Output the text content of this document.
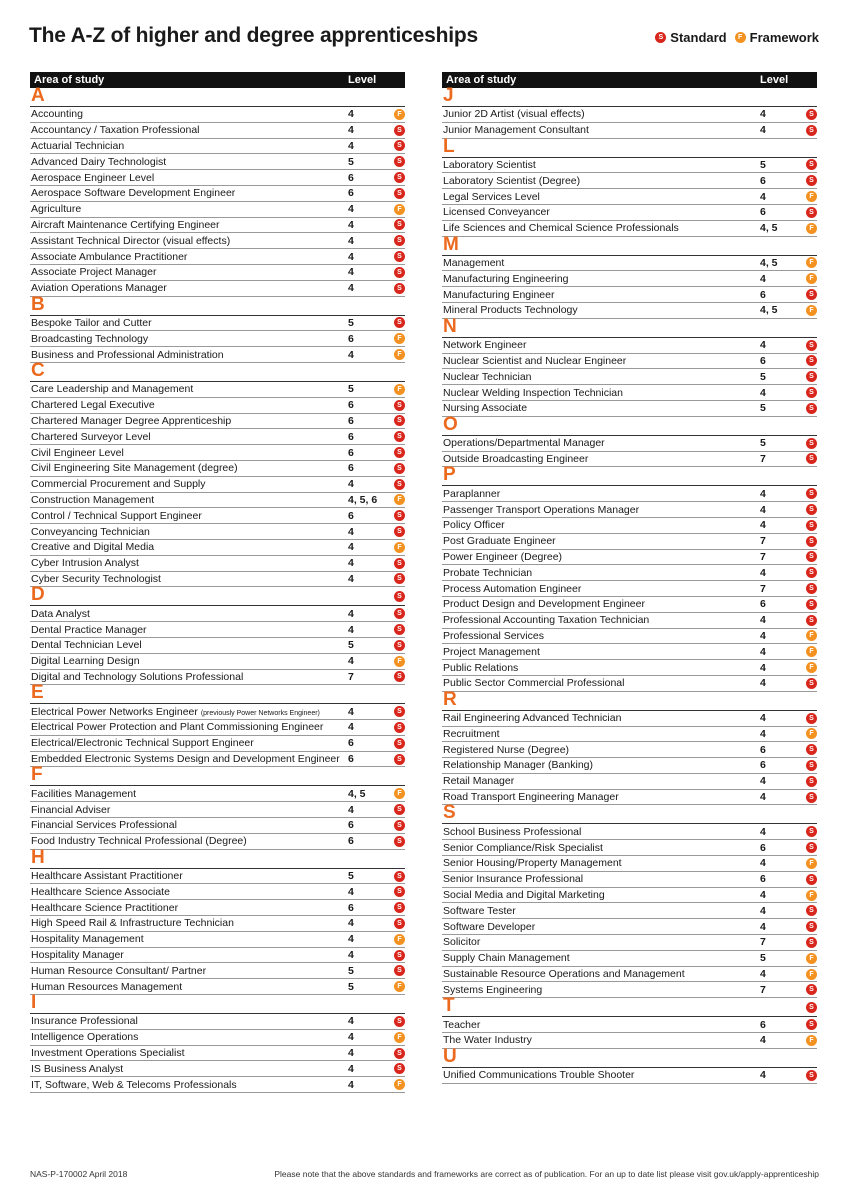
The A-Z of higher and degree apprenticeships	S Standard	F Framework
Area of study	Level
A
Accounting	4	F
Accountancy / Taxation Professional	4	S
Actuarial Technician	4	S
Advanced Dairy Technologist	5	S
Aerospace Engineer Level	6	S
Aerospace Software Development Engineer	6	S
Agriculture	4	F
Aircraft Maintenance Certifying Engineer	4	S
Assistant Technical Director (visual effects)	4	S
Associate Ambulance Practitioner	4	S
Associate Project Manager	4	S
Aviation Operations Manager	4	S
B
Bespoke Tailor and Cutter	5	S
Broadcasting Technology	6	F
Business and Professional Administration	4	F
C
Care Leadership and Management	5	F
Chartered Legal Executive	6	S
Chartered Manager Degree Apprenticeship	6	S
Chartered Surveyor Level	6	S
Civil Engineer Level	6	S
Civil Engineering Site Management (degree)	6	S
Commercial Procurement and Supply	4	S
Construction Management	4, 5, 6	F
Control / Technical Support Engineer	6	S
Conveyancing Technician	4	S
Creative and Digital Media	4	F
Cyber Intrusion Analyst	4	S
Cyber Security Technologist	4	S
D	S
Data Analyst	4	S
Dental Practice Manager	4	S
Dental Technician Level	5	S
Digital Learning Design	4	F
Digital and Technology Solutions Professional	7	S
E
Electrical Power Networks Engineer (previously Power Networks Engineer)	4	S
Electrical Power Protection and Plant Commissioning Engineer	4	S
Electrical/Electronic Technical Support Engineer	6	S
Embedded Electronic Systems Design and Development Engineer 6	S
F
Facilities Management	4, 5	F
Financial Adviser	4	S
Financial Services Professional	6	S
Food Industry Technical Professional (Degree)	6	S
H
Healthcare Assistant Practitioner	5	S
Healthcare Science Associate	4	S
Healthcare Science Practitioner	6	S
High Speed Rail & Infrastructure Technician	4	S
Hospitality Management	4	F
Hospitality Manager	4	S
Human Resource Consultant/ Partner	5	S
Human Resources Management	5	F
I
Insurance Professional	4	S
Intelligence Operations	4	F
Investment Operations Specialist	4	S
IS Business Analyst	4	S
IT, Software, Web & Telecoms Professionals	4	F
Area of study	Level
J
Junior 2D Artist (visual effects)	4	S
Junior Management Consultant	4	S
L
Laboratory Scientist	5	S
Laboratory Scientist (Degree)	6	S
Legal Services Level	4	F
Licensed Conveyancer	6	S
Life Sciences and Chemical Science Professionals	4, 5	F
M
Management	4, 5	F
Manufacturing Engineering	4	F
Manufacturing Engineer	6	S
Mineral Products Technology	4, 5	F
N
Network Engineer	4	S
Nuclear Scientist and Nuclear Engineer	6	S
Nuclear Technician	5	S
Nuclear Welding Inspection Technician	4	S
Nursing Associate	5	S
O
Operations/Departmental Manager	5	S
Outside Broadcasting Engineer	7	S
P
Paraplanner	4	S
Passenger Transport Operations Manager	4	S
Policy Officer	4	S
Post Graduate Engineer	7	S
Power Engineer (Degree)	7	S
Probate Technician	4	S
Process Automation Engineer	7	S
Product Design and Development Engineer	6	S
Professional Accounting Taxation Technician	4	S
Professional Services	4	F
Project Management	4	F
Public Relations	4	F
Public Sector Commercial Professional	4	S
R
Rail Engineering Advanced Technician	4	S
Recruitment	4	F
Registered Nurse (Degree)	6	S
Relationship Manager (Banking)	6	S
Retail Manager	4	S
Road Transport Engineering Manager	4	S
S
School Business Professional	4	S
Senior Compliance/Risk Specialist	6	S
Senior Housing/Property Management	4	F
Senior Insurance Professional	6	S
Social Media and Digital Marketing	4	F
Software Tester	4	S
Software Developer	4	S
Solicitor	7	S
Supply Chain Management	5	F
Sustainable Resource Operations and Management	4	F
Systems Engineering	7	S
T	S
Teacher	6	S
The Water Industry	4	F
U
Unified Communications Trouble Shooter	4	S
NAS-P-170002 April 2018	Please note that the above standards and frameworks are correct as of publication. For an up to date list please visit gov.uk/apply-apprenticeship
